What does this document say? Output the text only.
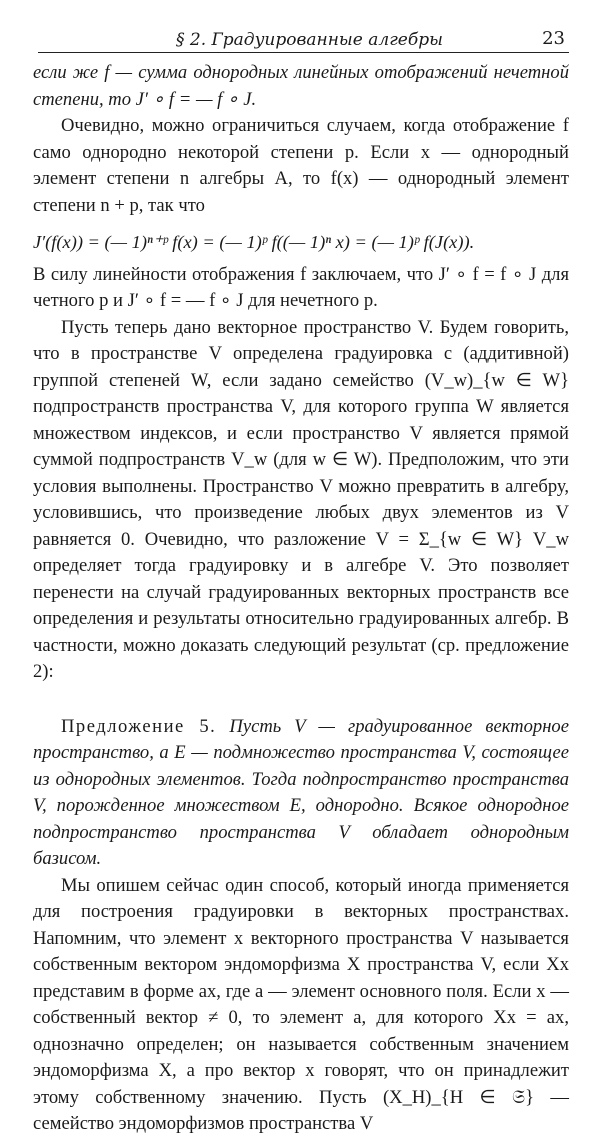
§ 2. Градуированные алгебры	23

если же f — сумма однородных линейных отображений нечетной степени, то J′ ∘ f = — f ∘ J.

Очевидно, можно ограничиться случаем, когда отображение f само однородно некоторой степени p. Если x — однородный элемент степени n алгебры A, то f(x) — однородный элемент степени n + p, так что

J′(f(x)) = (— 1)ⁿ⁺ᵖ f(x) = (— 1)ᵖ f((— 1)ⁿ x) = (— 1)ᵖ f(J(x)).

В силу линейности отображения f заключаем, что J′ ∘ f = f ∘ J для четного p и J′ ∘ f = — f ∘ J для нечетного p.

Пусть теперь дано векторное пространство V. Будем говорить, что в пространстве V определена градуировка с (аддитивной) группой степеней W, если задано семейство (V_w)_{w ∈ W} подпространств пространства V, для которого группа W является множеством индексов, и если пространство V является прямой суммой подпространств V_w (для w ∈ W). Предположим, что эти условия выполнены. Пространство V можно превратить в алгебру, условившись, что произведение любых двух элементов из V равняется 0. Очевидно, что разложение V = Σ_{w ∈ W} V_w определяет тогда градуировку и в алгебре V. Это позволяет перенести на случай градуированных векторных пространств все определения и результаты относительно градуированных алгебр. В частности, можно доказать следующий результат (ср. предложение 2):

Предложение 5. Пусть V — градуированное векторное пространство, а E — подмножество пространства V, состоящее из однородных элементов. Тогда подпространство пространства V, порожденное множеством E, однородно. Всякое однородное подпространство пространства V обладает однородным базисом.

Мы опишем сейчас один способ, который иногда применяется для построения градуировки в векторных пространствах. Напомним, что элемент x векторного пространства V называется собственным вектором эндоморфизма X пространства V, если Xx представим в форме ax, где a — элемент основного поля. Если x — собственный вектор ≠ 0, то элемент a, для которого Xx = ax, однозначно определен; он называется собственным значением эндоморфизма X, а про вектор x говорят, что он принадлежит этому собственному значению. Пусть (X_H)_{H ∈ 𝔖} — семейство эндоморфизмов пространства V
